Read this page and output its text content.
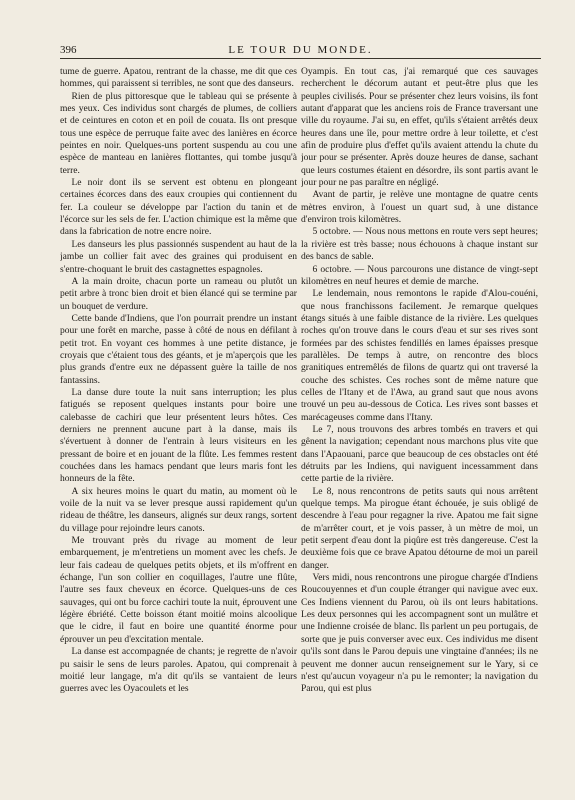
396	LE TOUR DU MONDE.

tume de guerre. Apatou, rentrant de la chasse, me dit que ces hommes, qui paraissent si terribles, ne sont que des danseurs.

Rien de plus pittoresque que le tableau qui se présente à mes yeux. Ces individus sont chargés de plumes, de colliers et de ceintures en coton et en poil de couata. Ils ont presque tous une espèce de perruque faite avec des lanières en écorce peintes en noir. Quelques-uns portent suspendu au cou une espèce de manteau en lanières flottantes, qui tombe jusqu'à terre.

Le noir dont ils se servent est obtenu en plongeant certaines écorces dans des eaux croupies qui contiennent du fer. La couleur se développe par l'action du tanin et de l'écorce sur les sels de fer. L'action chimique est la même que dans la fabrication de notre encre noire.

Les danseurs les plus passionnés suspendent au haut de la jambe un collier fait avec des graines qui produisent en s'entre-choquant le bruit des castagnettes espagnoles.

A la main droite, chacun porte un rameau ou plutôt un petit arbre à tronc bien droit et bien élancé qui se termine par un bouquet de verdure.

Cette bande d'Indiens, que l'on pourrait prendre un instant pour une forêt en marche, passe à côté de nous en défilant à petit trot. En voyant ces hommes à une petite distance, je croyais que c'étaient tous des géants, et je m'aperçois que les plus grands d'entre eux ne dépassent guère la taille de nos fantassins.

La danse dure toute la nuit sans interruption; les plus fatigués se reposent quelques instants pour boire une calebasse de cachiri que leur présentent leurs hôtes. Ces derniers ne prennent aucune part à la danse, mais ils s'évertuent à donner de l'entrain à leurs visiteurs en les pressant de boire et en jouant de la flûte. Les femmes restent couchées dans les hamacs pendant que leurs maris font les honneurs de la fête.

A six heures moins le quart du matin, au moment où le voile de la nuit va se lever presque aussi rapidement qu'un rideau de théâtre, les danseurs, alignés sur deux rangs, sortent du village pour rejoindre leurs canots.

Me trouvant près du rivage au moment de leur embarquement, je m'entretiens un moment avec les chefs. Je leur fais cadeau de quelques petits objets, et ils m'offrent en échange, l'un son collier en coquillages, l'autre une flûte, l'autre ses faux cheveux en écorce. Quelques-uns de ces sauvages, qui ont bu force cachiri toute la nuit, éprouvent une légère ébriété. Cette boisson étant moitié moins alcoolique que le cidre, il faut en boire une quantité énorme pour éprouver un peu d'excitation mentale.

La danse est accompagnée de chants; je regrette de n'avoir pu saisir le sens de leurs paroles. Apatou, qui comprenait à moitié leur langage, m'a dit qu'ils se vantaient de leurs guerres avec les Oyacoulets et les

Oyampis. En tout cas, j'ai remarqué que ces sauvages recherchent le décorum autant et peut-être plus que les peuples civilisés. Pour se présenter chez leurs voisins, ils font autant d'apparat que les anciens rois de France traversant une ville du royaume. J'ai su, en effet, qu'ils s'étaient arrêtés deux heures dans une île, pour mettre ordre à leur toilette, et c'est afin de produire plus d'effet qu'ils avaient attendu la chute du jour pour se présenter. Après douze heures de danse, sachant que leurs costumes étaient en désordre, ils sont partis avant le jour pour ne pas paraître en négligé.

Avant de partir, je relève une montagne de quatre cents mètres environ, à l'ouest un quart sud, à une distance d'environ trois kilomètres.

5 octobre. — Nous nous mettons en route vers sept heures; la rivière est très basse; nous échouons à chaque instant sur des bancs de sable.

6 octobre. — Nous parcourons une distance de vingt-sept kilomètres en neuf heures et demie de marche.

Le lendemain, nous remontons le rapide d'Alou-couéni, que nous franchissons facilement. Je remarque quelques étangs situés à une faible distance de la rivière. Les quelques roches qu'on trouve dans le cours d'eau et sur ses rives sont formées par des schistes fendillés en lames épaisses presque parallèles. De temps à autre, on rencontre des blocs granitiques entremêlés de filons de quartz qui ont traversé la couche des schistes. Ces roches sont de même nature que celles de l'Itany et de l'Awa, au grand saut que nous avons trouvé un peu au-dessous de Cotica. Les rives sont basses et marécageuses comme dans l'Itany.

Le 7, nous trouvons des arbres tombés en travers et qui gênent la navigation; cependant nous marchons plus vite que dans l'Apaouani, parce que beaucoup de ces obstacles ont été détruits par les Indiens, qui naviguent incessamment dans cette partie de la rivière.

Le 8, nous rencontrons de petits sauts qui nous arrêtent quelque temps. Ma pirogue étant échouée, je suis obligé de descendre à l'eau pour regagner la rive. Apatou me fait signe de m'arrêter court, et je vois passer, à un mètre de moi, un petit serpent d'eau dont la piqûre est très dangereuse. C'est la deuxième fois que ce brave Apatou détourne de moi un pareil danger.

Vers midi, nous rencontrons une pirogue chargée d'Indiens Roucouyennes et d'un couple étranger qui navigue avec eux. Ces Indiens viennent du Parou, où ils ont leurs habitations. Les deux personnes qui les accompagnent sont un mulâtre et une Indienne croisée de blanc. Ils parlent un peu portugais, de sorte que je puis converser avec eux. Ces individus me disent qu'ils sont dans le Parou depuis une vingtaine d'années; ils ne peuvent me donner aucun renseignement sur le Yary, si ce n'est qu'aucun voyageur n'a pu le remonter; la navigation du Parou, qui est plus
